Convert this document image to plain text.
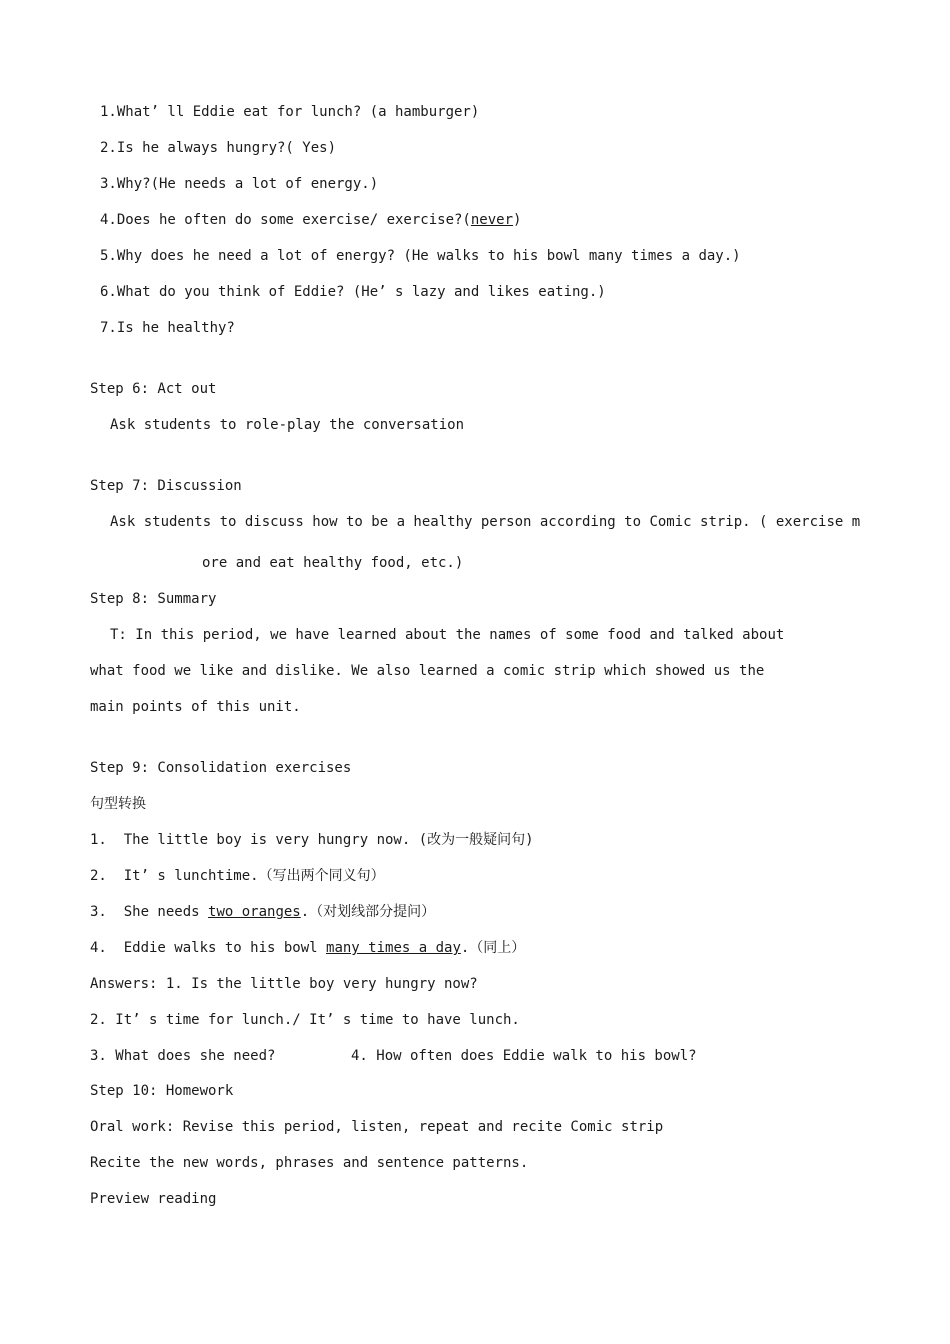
1.What’ ll Eddie eat for lunch? (a hamburger)
2.Is he always hungry?( Yes)
3.Why?(He needs a lot of energy.)
4.Does he often do some exercise/ exercise?(never)
5.Why does he need a lot of energy? (He walks to his bowl many times a day.)
6.What do you think of Eddie? (He’ s lazy and likes eating.)
7.Is he healthy?
Step 6: Act out
Ask students to role-play the conversation
Step 7: Discussion
Ask students to discuss how to be a healthy person according to Comic strip. ( exercise m
ore and eat healthy food, etc.)
Step 8: Summary
T: In this period, we have learned about the names of some food and talked about
what food we like and dislike. We also learned a comic strip which showed us the
main points of this unit.
Step 9: Consolidation exercises
句型转换
1.  The little boy is very hungry now. (改为一般疑问句)
2.  It’ s lunchtime.（写出两个同义句）
3.  She needs two oranges.（对划线部分提问）
4.  Eddie walks to his bowl many times a day.（同上）
Answers: 1. Is the little boy very hungry now?
2. It’ s time for lunch./ It’ s time to have lunch.
3. What does she need?	4. How often does Eddie walk to his bowl?
Step 10: Homework
Oral work: Revise this period, listen, repeat and recite Comic strip
Recite the new words, phrases and sentence patterns.
Preview reading
